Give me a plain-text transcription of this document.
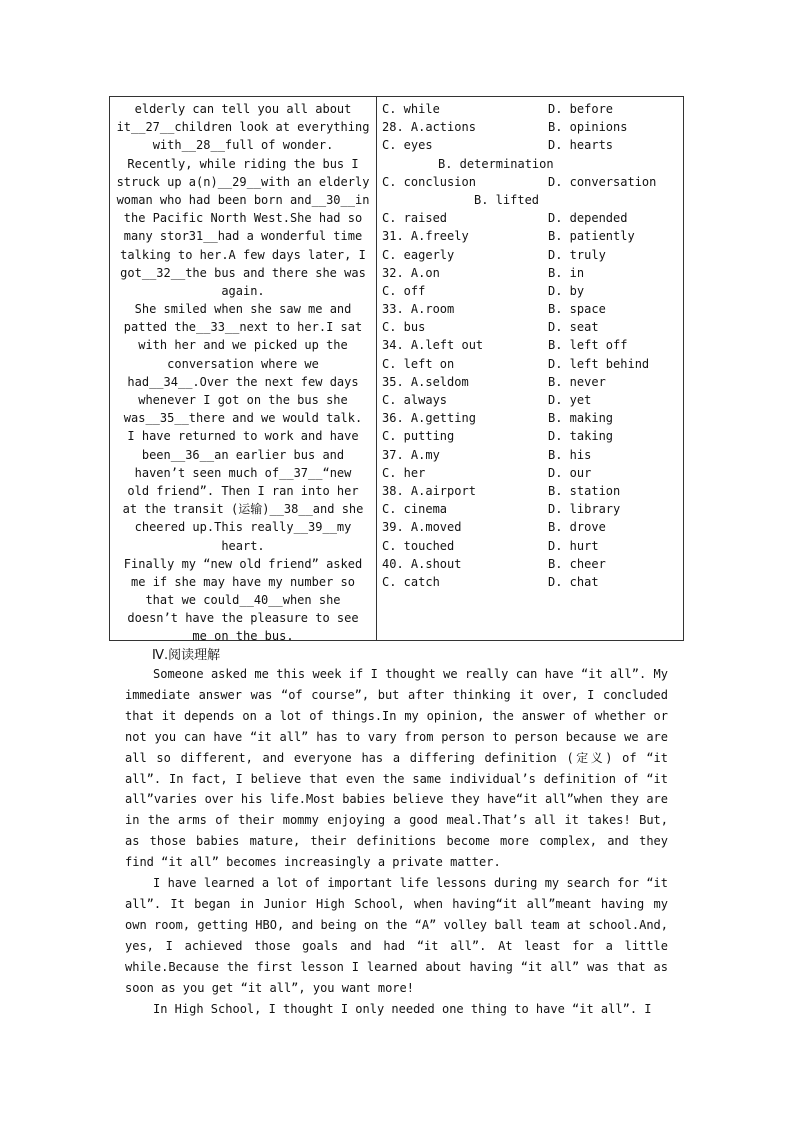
elderly can tell you all about
it__27__children look at everything
with__28__full of wonder.
Recently, while riding the bus I
struck up a(n)__29__with an elderly
woman who had been born and__30__in
the Pacific North West.She had so
many stor31__had a wonderful time
talking to her.A few days later, I
got__32__the bus and there she was
again.
She smiled when she saw me and
patted the__33__next to her.I sat
with her and we picked up the
conversation where we
had__34__.Over the next few days
whenever I got on the bus she
was__35__there and we would talk.
I have returned to work and have
been__36__an earlier bus and
haven’t seen much of__37__“new
old friend”. Then I ran into her
at the transit (运输)__38__and she
cheered up.This really__39__my
heart.
Finally my “new old friend” asked
me if she may have my number so
that we could__40__when she
doesn’t have the pleasure to see
me on the bus.
C. while	D. before
28. A.actions	B. opinions
C. eyes	D. hearts
B. determination
C. conclusion	D. conversation
B. lifted
C. raised	D. depended
31. A.freely	B. patiently
C. eagerly	D. truly
32. A.on	B. in
C. off	D. by
33. A.room	B. space
C. bus	D. seat
34. A.left out	B. left off
C. left on	D. left behind
35. A.seldom	B. never
C. always	D. yet
36. A.getting	B. making
C. putting	D. taking
37. A.my	B. his
C. her	D. our
38. A.airport	B. station
C. cinema	D. library
39. A.moved	B. drove
C. touched	D. hurt
40. A.shout	B. cheer
C. catch	D. chat
Ⅳ.阅读理解

Someone asked me this week if I thought we really can have “it all”. My immediate answer was “of course”, but after thinking it over, I concluded that it depends on a lot of things.In my opinion, the answer of whether or not you can have “it all” has to vary from person to person because we are all so different, and everyone has a differing definition (定义) of “it all”. In fact, I believe that even the same individual’s definition of “it all”varies over his life.Most babies believe they have“it all”when they are in the arms of their mommy enjoying a good meal.That’s all it takes! But, as those babies mature, their definitions become more complex, and they find “it all” becomes increasingly a private matter.

I have learned a lot of important life lessons during my search for “it all”. It began in Junior High School, when having“it all”meant having my own room, getting HBO, and being on the “A” volley ball team at school.And, yes, I achieved those goals and had “it all”. At least for a little while.Because the first lesson I learned about having “it all” was that as soon as you get “it all”, you want more!

In High School, I thought I only needed one thing to have “it all”. I
